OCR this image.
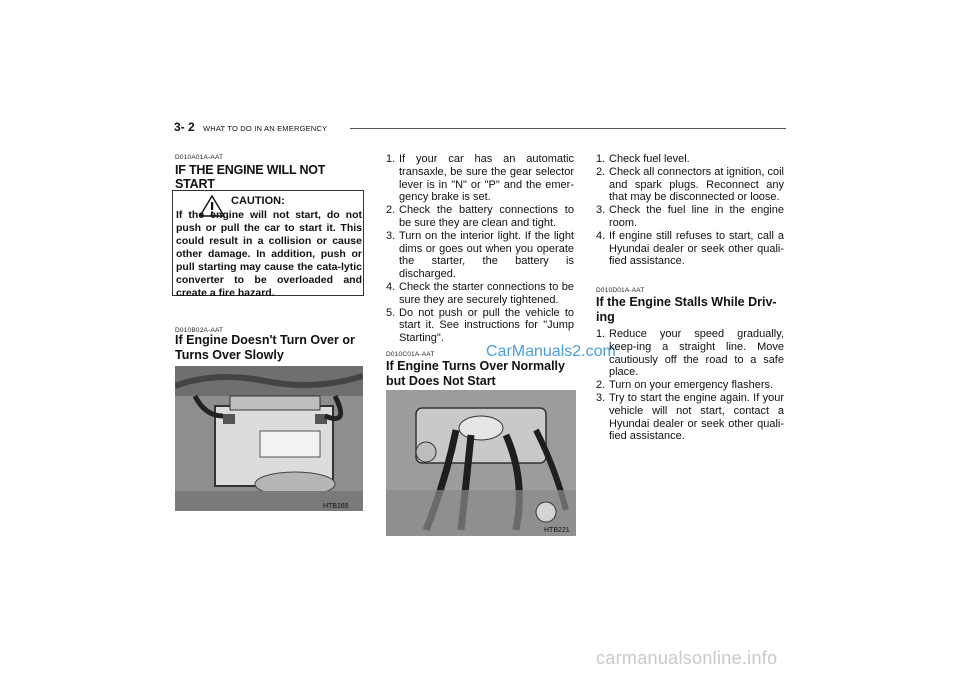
3- 2 WHAT TO DO IN AN EMERGENCY
D010A01A-AAT
IF THE ENGINE WILL NOT START
CAUTION:
If the engine will not start, do not push or pull the car to start it. This could result in a collision or cause other damage. In addition, push or pull starting may cause the cata-lytic converter to be overloaded and create a fire hazard.
D010B02A-AAT
If Engine Doesn't Turn Over or Turns Over Slowly
HTB165
1. If your car has an automatic transaxle, be sure the gear selector lever is in "N" or "P" and the emer-gency brake is set.
2. Check the battery connections to be sure they are clean and tight.
3. Turn on the interior light. If the light dims or goes out when you operate the starter, the battery is discharged.
4. Check the starter connections to be sure they are securely tightened.
5. Do not push or pull the vehicle to start it. See instructions for "Jump Starting".
D010C01A-AAT
If Engine Turns Over Normally but Does Not Start
HTB221
CarManuals2.com
1. Check fuel level.
2. Check all connectors at ignition, coil and spark plugs. Reconnect any that may be disconnected or loose.
3. Check the fuel line in the engine room.
4. If engine still refuses to start, call a Hyundai dealer or seek other quali-fied assistance.
D010D01A-AAT
If the Engine Stalls While Driv-ing
1. Reduce your speed gradually, keep-ing a straight line. Move cautiously off the road to a safe place.
2. Turn on your emergency flashers.
3. Try to start the engine again. If your vehicle will not start, contact a Hyundai dealer or seek other quali-fied assistance.
carmanualsonline.info
